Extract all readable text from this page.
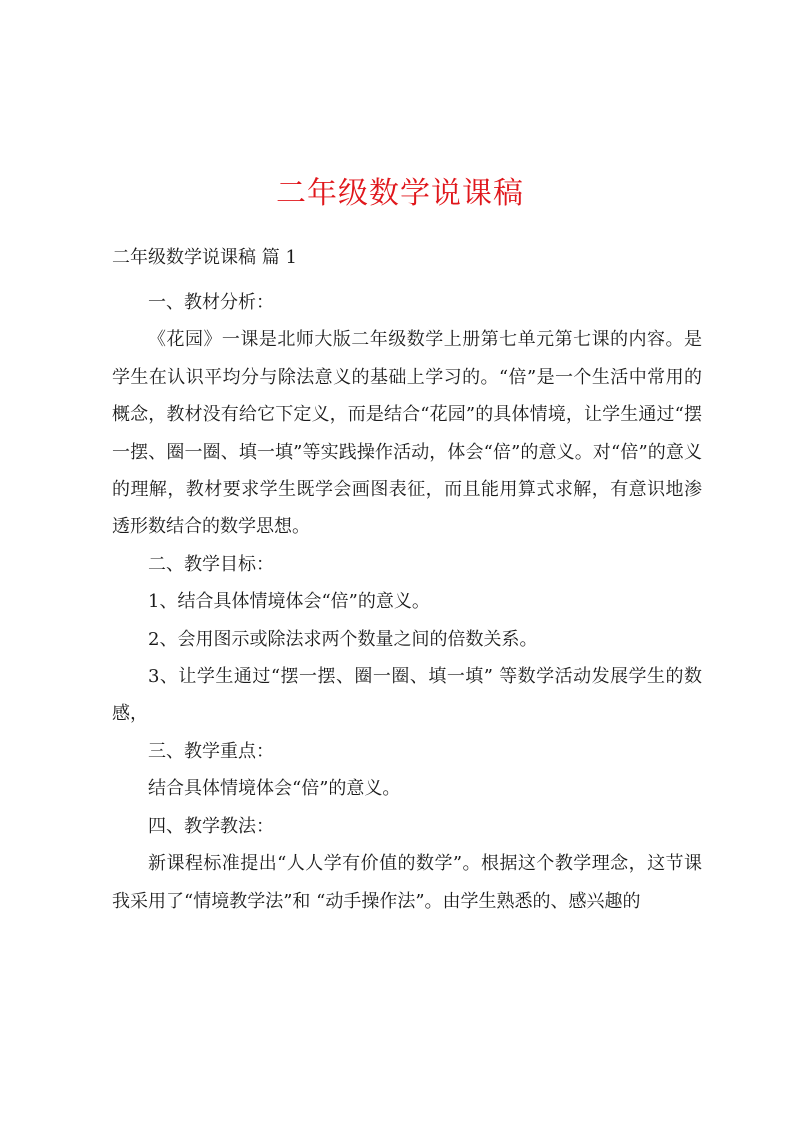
二年级数学说课稿

二年级数学说课稿 篇 1

一、教材分析：

《花园》一课是北师大版二年级数学上册第七单元第七课的内容。是学生在认识平均分与除法意义的基础上学习的。“倍”是一个生活中常用的概念，教材没有给它下定义，而是结合“花园”的具体情境，让学生通过“摆一摆、圈一圈、填一填”等实践操作活动，体会“倍”的意义。对“倍”的意义的理解，教材要求学生既学会画图表征，而且能用算式求解，有意识地渗透形数结合的数学思想。

二、教学目标：

1、结合具体情境体会“倍”的意义。

2、会用图示或除法求两个数量之间的倍数关系。

3、让学生通过“摆一摆、圈一圈、填一填” 等数学活动发展学生的数感，

三、教学重点：

结合具体情境体会“倍”的意义。

四、教学教法：

新课程标准提出“人人学有价值的数学”。根据这个教学理念，这节课我采用了“情境教学法”和 “动手操作法”。由学生熟悉的、感兴趣的
